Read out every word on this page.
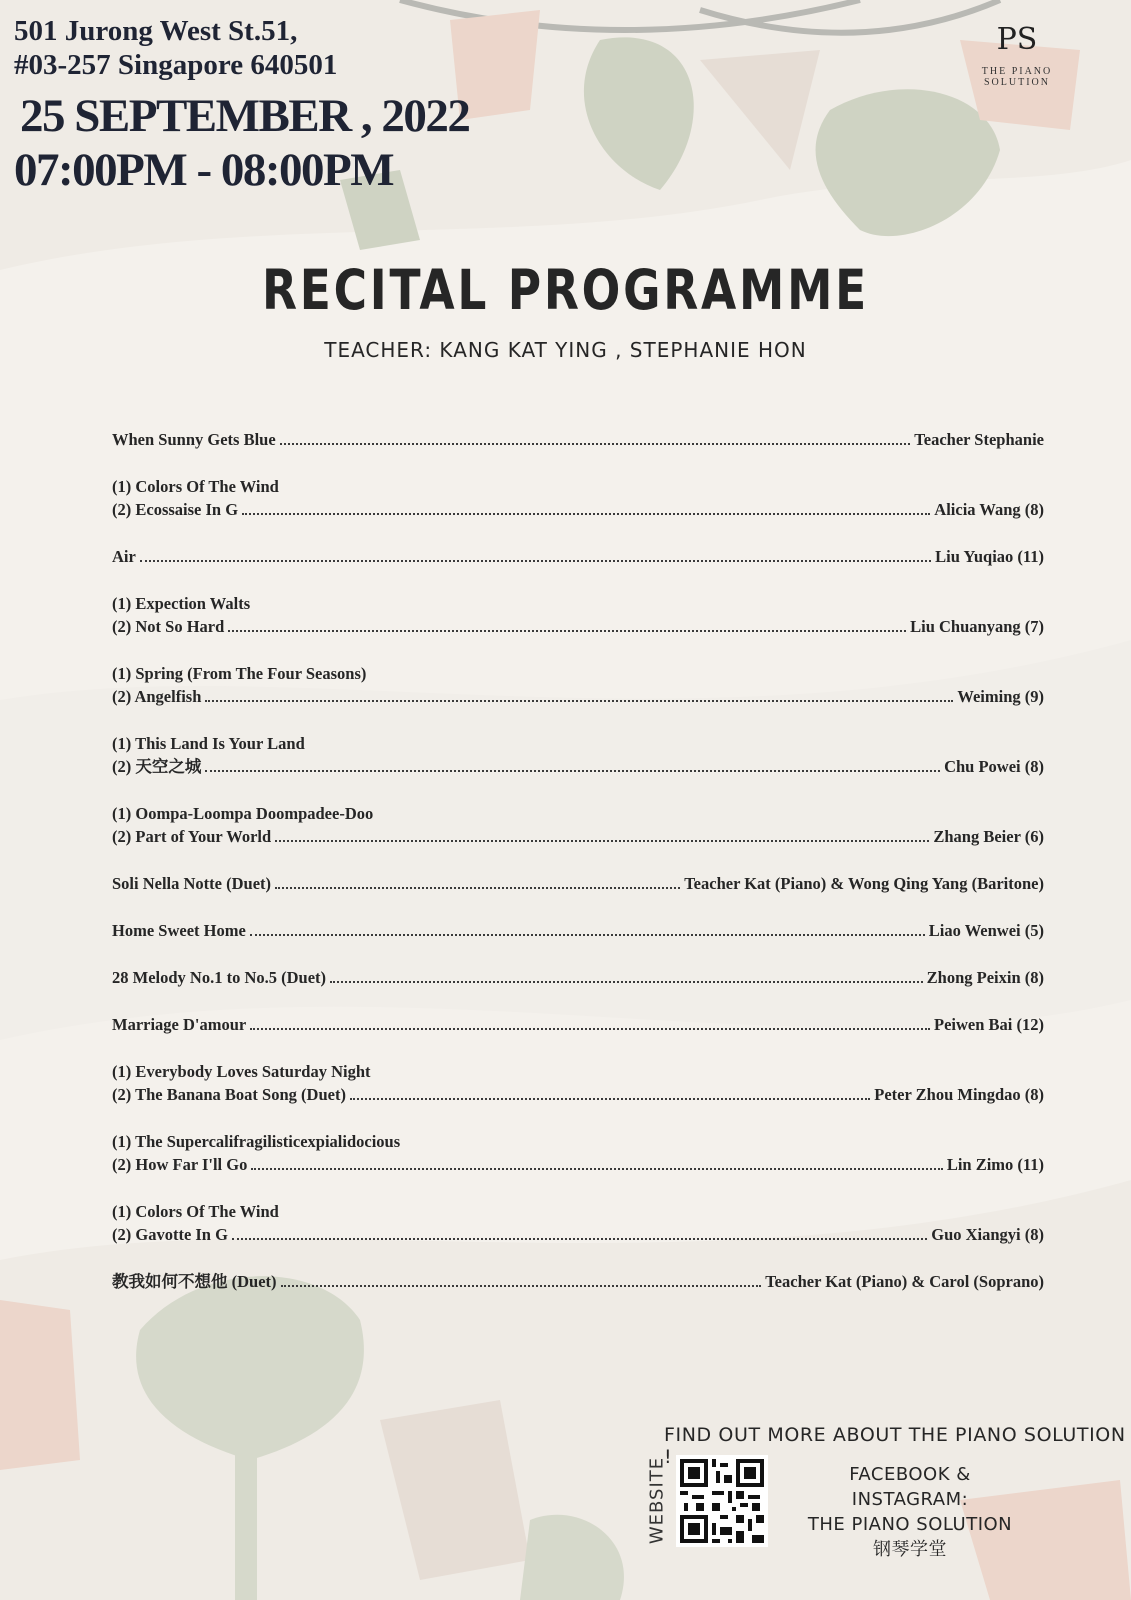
501 Jurong West St.51,
#03-257 Singapore 640501
25 SEPTEMBER , 2022
07:00PM - 08:00PM
PS
THE PIANO SOLUTION
RECITAL PROGRAMME
TEACHER: KANG KAT YING , STEPHANIE HON
When Sunny Gets Blue	Teacher Stephanie
(1) Colors Of The Wind
(2) Ecossaise In G	Alicia Wang (8)
Air	Liu Yuqiao (11)
(1) Expection Walts
(2) Not So Hard	Liu Chuanyang (7)
(1) Spring (From The Four Seasons)
(2) Angelfish	Weiming (9)
(1) This Land Is Your Land
(2) 天空之城	Chu Powei (8)
(1) Oompa-Loompa Doompadee-Doo
(2) Part of Your World	Zhang Beier (6)
Soli Nella Notte (Duet)	Teacher Kat (Piano) & Wong Qing Yang (Baritone)
Home Sweet Home	Liao Wenwei (5)
28 Melody No.1 to No.5 (Duet)	Zhong Peixin (8)
Marriage D'amour	Peiwen Bai (12)
(1) Everybody Loves Saturday Night
(2) The Banana Boat Song (Duet)	Peter Zhou Mingdao (8)
(1) The Supercalifragilisticexpialidocious
(2) How Far I'll Go	Lin Zimo (11)
(1) Colors Of The Wind
(2) Gavotte In G	Guo Xiangyi (8)
教我如何不想他 (Duet)	Teacher Kat (Piano) & Carol (Soprano)
FIND OUT MORE ABOUT THE PIANO SOLUTION !
WEBSITE	FACEBOOK & INSTAGRAM:
THE PIANO SOLUTION
钢琴学堂
